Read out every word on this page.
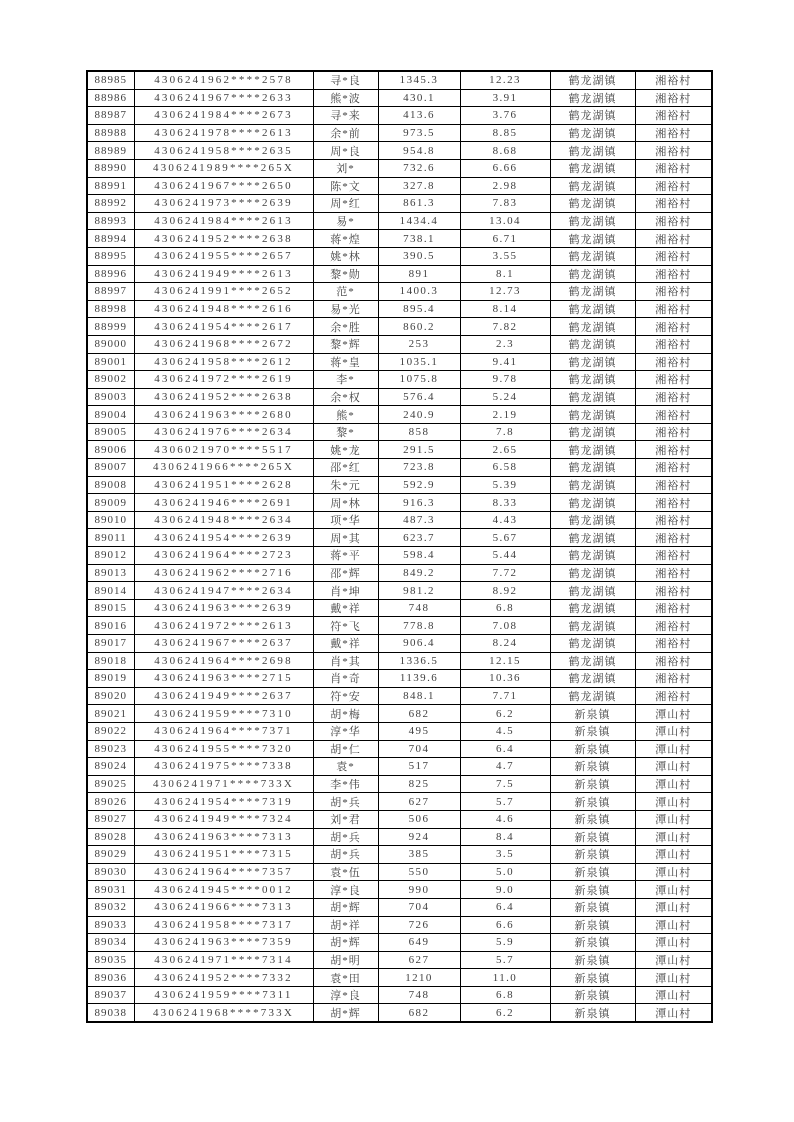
88985	4306241962****2578	寻*良	1345.3	12.23	鹤龙湖镇	湘裕村
88986	4306241967****2633	熊*波	430.1	3.91	鹤龙湖镇	湘裕村
88987	4306241984****2673	寻*来	413.6	3.76	鹤龙湖镇	湘裕村
88988	4306241978****2613	余*前	973.5	8.85	鹤龙湖镇	湘裕村
88989	4306241958****2635	周*良	954.8	8.68	鹤龙湖镇	湘裕村
88990	4306241989****265X	刘*	732.6	6.66	鹤龙湖镇	湘裕村
88991	4306241967****2650	陈*文	327.8	2.98	鹤龙湖镇	湘裕村
88992	4306241973****2639	周*红	861.3	7.83	鹤龙湖镇	湘裕村
88993	4306241984****2613	易*	1434.4	13.04	鹤龙湖镇	湘裕村
88994	4306241952****2638	蒋*煌	738.1	6.71	鹤龙湖镇	湘裕村
88995	4306241955****2657	姚*林	390.5	3.55	鹤龙湖镇	湘裕村
88996	4306241949****2613	黎*勋	891	8.1	鹤龙湖镇	湘裕村
88997	4306241991****2652	范*	1400.3	12.73	鹤龙湖镇	湘裕村
88998	4306241948****2616	易*光	895.4	8.14	鹤龙湖镇	湘裕村
88999	4306241954****2617	余*胜	860.2	7.82	鹤龙湖镇	湘裕村
89000	4306241968****2672	黎*辉	253	2.3	鹤龙湖镇	湘裕村
89001	4306241958****2612	蒋*皇	1035.1	9.41	鹤龙湖镇	湘裕村
89002	4306241972****2619	李*	1075.8	9.78	鹤龙湖镇	湘裕村
89003	4306241952****2638	余*权	576.4	5.24	鹤龙湖镇	湘裕村
89004	4306241963****2680	熊*	240.9	2.19	鹤龙湖镇	湘裕村
89005	4306241976****2634	黎*	858	7.8	鹤龙湖镇	湘裕村
89006	4306021970****5517	姚*龙	291.5	2.65	鹤龙湖镇	湘裕村
89007	4306241966****265X	邵*红	723.8	6.58	鹤龙湖镇	湘裕村
89008	4306241951****2628	朱*元	592.9	5.39	鹤龙湖镇	湘裕村
89009	4306241946****2691	周*林	916.3	8.33	鹤龙湖镇	湘裕村
89010	4306241948****2634	项*华	487.3	4.43	鹤龙湖镇	湘裕村
89011	4306241954****2639	周*其	623.7	5.67	鹤龙湖镇	湘裕村
89012	4306241964****2723	蒋*平	598.4	5.44	鹤龙湖镇	湘裕村
89013	4306241962****2716	邵*辉	849.2	7.72	鹤龙湖镇	湘裕村
89014	4306241947****2634	肖*坤	981.2	8.92	鹤龙湖镇	湘裕村
89015	4306241963****2639	戴*祥	748	6.8	鹤龙湖镇	湘裕村
89016	4306241972****2613	符*飞	778.8	7.08	鹤龙湖镇	湘裕村
89017	4306241967****2637	戴*祥	906.4	8.24	鹤龙湖镇	湘裕村
89018	4306241964****2698	肖*其	1336.5	12.15	鹤龙湖镇	湘裕村
89019	4306241963****2715	肖*奇	1139.6	10.36	鹤龙湖镇	湘裕村
89020	4306241949****2637	符*安	848.1	7.71	鹤龙湖镇	湘裕村
89021	4306241959****7310	胡*梅	682	6.2	新泉镇	潭山村
89022	4306241964****7371	淳*华	495	4.5	新泉镇	潭山村
89023	4306241955****7320	胡*仁	704	6.4	新泉镇	潭山村
89024	4306241975****7338	袁*	517	4.7	新泉镇	潭山村
89025	4306241971****733X	李*伟	825	7.5	新泉镇	潭山村
89026	4306241954****7319	胡*兵	627	5.7	新泉镇	潭山村
89027	4306241949****7324	刘*君	506	4.6	新泉镇	潭山村
89028	4306241963****7313	胡*兵	924	8.4	新泉镇	潭山村
89029	4306241951****7315	胡*兵	385	3.5	新泉镇	潭山村
89030	4306241964****7357	袁*伍	550	5.0	新泉镇	潭山村
89031	4306241945****0012	淳*良	990	9.0	新泉镇	潭山村
89032	4306241966****7313	胡*辉	704	6.4	新泉镇	潭山村
89033	4306241958****7317	胡*祥	726	6.6	新泉镇	潭山村
89034	4306241963****7359	胡*辉	649	5.9	新泉镇	潭山村
89035	4306241971****7314	胡*明	627	5.7	新泉镇	潭山村
89036	4306241952****7332	袁*田	1210	11.0	新泉镇	潭山村
89037	4306241959****7311	淳*良	748	6.8	新泉镇	潭山村
89038	4306241968****733X	胡*辉	682	6.2	新泉镇	潭山村
